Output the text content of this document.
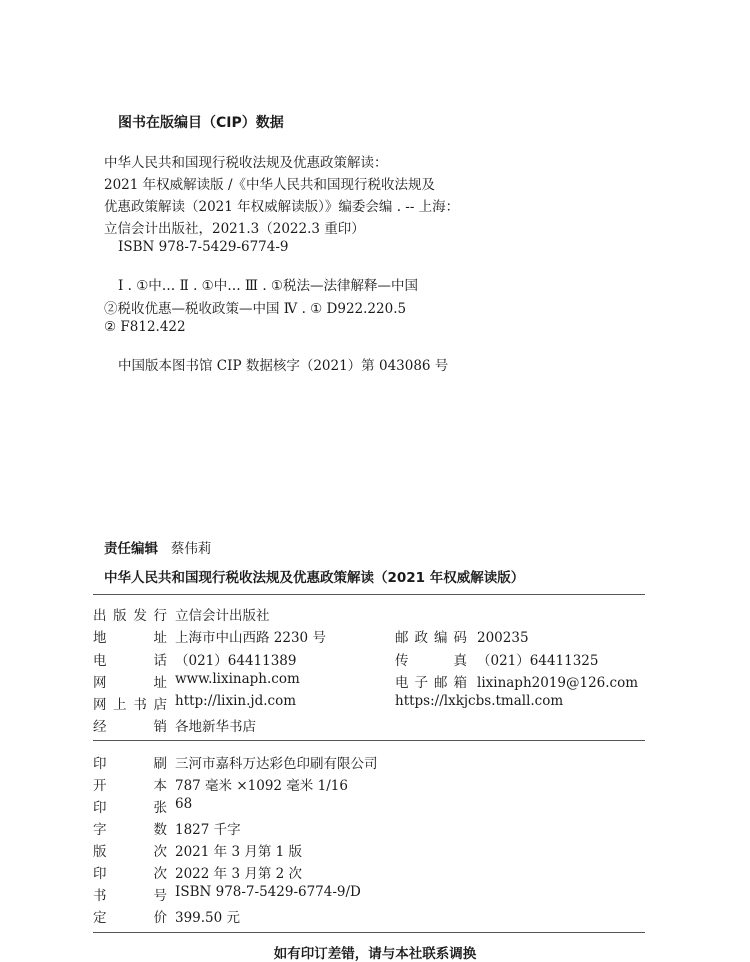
图书在版编目（CIP）数据
中华人民共和国现行税收法规及优惠政策解读：
2021 年权威解读版 /《中华人民共和国现行税收法规及
优惠政策解读（2021 年权威解读版）》编委会编 . -- 上海：
立信会计出版社，2021.3（2022.3 重印）
ISBN 978-7-5429-6774-9
Ⅰ . ①中… Ⅱ . ①中… Ⅲ . ①税法—法律解释—中国
②税收优惠—税收政策—中国 Ⅳ . ① D922.220.5
② F812.422
中国版本图书馆 CIP 数据核字（2021）第 043086 号
责任编辑 蔡伟莉
中华人民共和国现行税收法规及优惠政策解读（2021 年权威解读版）
出版发行 立信会计出版社
地址 上海市中山西路 2230 号
电话 （021）64411389
网址 www.lixinaph.com
网上书店 http://lixin.jd.com
经销 各地新华书店
邮政编码 200235
传真 （021）64411325
电子邮箱 lixinaph2019@126.com
https://lxkjcbs.tmall.com
印刷 三河市嘉科万达彩色印刷有限公司
开本 787 毫米 ×1092 毫米 1/16
印张 68
字数 1827 千字
版次 2021 年 3 月第 1 版
印次 2022 年 3 月第 2 次
书号 ISBN 978-7-5429-6774-9/D
定价 399.50 元
如有印订差错，请与本社联系调换
